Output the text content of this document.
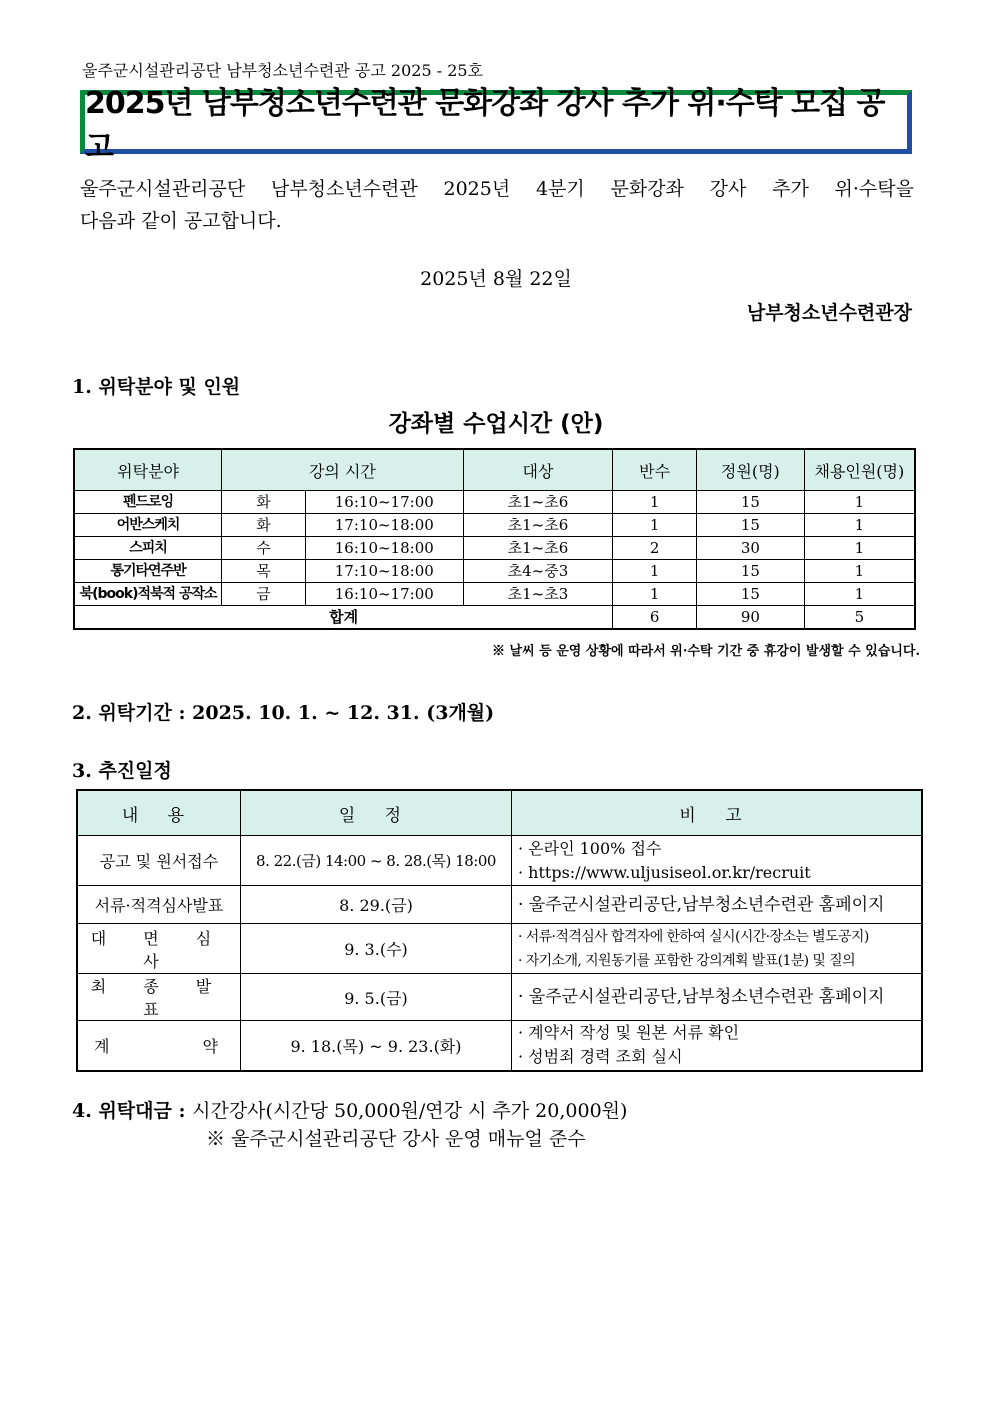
울주군시설관리공단 남부청소년수련관 공고 2025 - 25호
2025년 남부청소년수련관 문화강좌 강사 추가 위·수탁 모집 공고
울주군시설관리공단 남부청소년수련관 2025년 4분기 문화강좌 강사 추가 위·수탁을
다음과 같이 공고합니다.
2025년 8월 22일
남부청소년수련관장
1. 위탁분야 및 인원
강좌별 수업시간 (안)
위탁분야	강의 시간		대상	반수	정원(명)	채용인원(명)
펜드로잉	화	16:10~17:00	초1~초6	1	15	1
어반스케치	화	17:10~18:00	초1~초6	1	15	1
스피치	수	16:10~18:00	초1~초6	2	30	1
통기타연주반	목	17:10~18:00	초4~중3	1	15	1
북(book)적북적 공작소	금	16:10~17:00	초1~초3	1	15	1
합계				6	90	5
※ 날씨 등 운영 상황에 따라서 위·수탁 기간 중 휴강이 발생할 수 있습니다.
2. 위탁기간 : 2025. 10. 1. ~ 12. 31. (3개월)
3. 추진일정
내 용	일 정	비 고
공고 및 원서접수	8. 22.(금) 14:00 ~ 8. 28.(목) 18:00	· 온라인 100% 접수
· https://www.uljusiseol.or.kr/recruit

서류·적격심사발표	8. 29.(금)	· 울주군시설관리공단,남부청소년수련관 홈페이지
대 면 심 사	9. 3.(수)	· 서류·적격심사 합격자에 한하여 실시(시간·장소는 별도공지)
· 자기소개, 지원동기를 포함한 강의계획 발표(1분) 및 질의

최 종 발 표	9. 5.(금)	· 울주군시설관리공단,남부청소년수련관 홈페이지
계 약	9. 18.(목) ~ 9. 23.(화)	· 계약서 작성 및 원본 서류 확인
· 성범죄 경력 조회 실시
4. 위탁대금 : 시간강사(시간당 50,000원/연강 시 추가 20,000원)
※ 울주군시설관리공단 강사 운영 매뉴얼 준수
